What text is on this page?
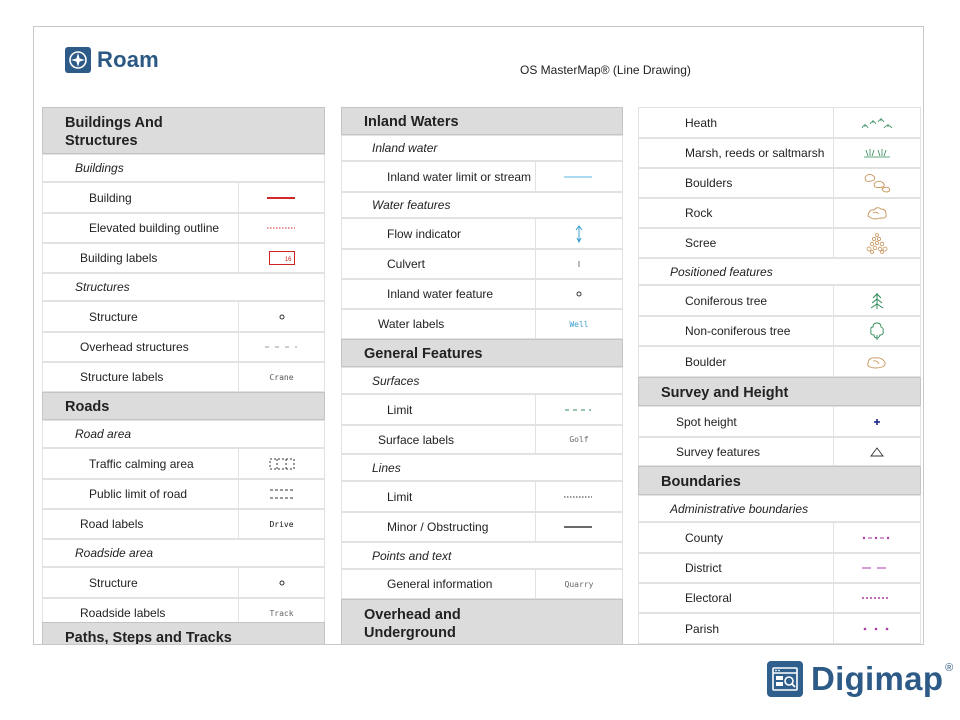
Roam	OS MasterMap® (Line Drawing)
Buildings And Structures
Buildings
Building
Elevated building outline
Building labels	16
Structures
Structure
Overhead structures
Structure labels	Crane
Roads
Road area
Traffic calming area
Public limit of road
Road labels	Drive
Roadside area
Structure
Roadside labels	Track
Paths, Steps and Tracks
Inland Waters
Inland water
Inland water limit or stream
Water features
Flow indicator
Culvert
Inland water feature
Water labels	Well
General Features
Surfaces
Limit
Surface labels	Golf
Lines
Limit
Minor / Obstructing
Points and text
General information	Quarry
Overhead and Underground
Heath
Marsh, reeds or saltmarsh
Boulders
Rock
Scree
Positioned features
Coniferous tree
Non-coniferous tree
Boulder
Survey and Height
Spot height
Survey features
Boundaries
Administrative boundaries
County
District
Electoral
Parish
Digimap ®
